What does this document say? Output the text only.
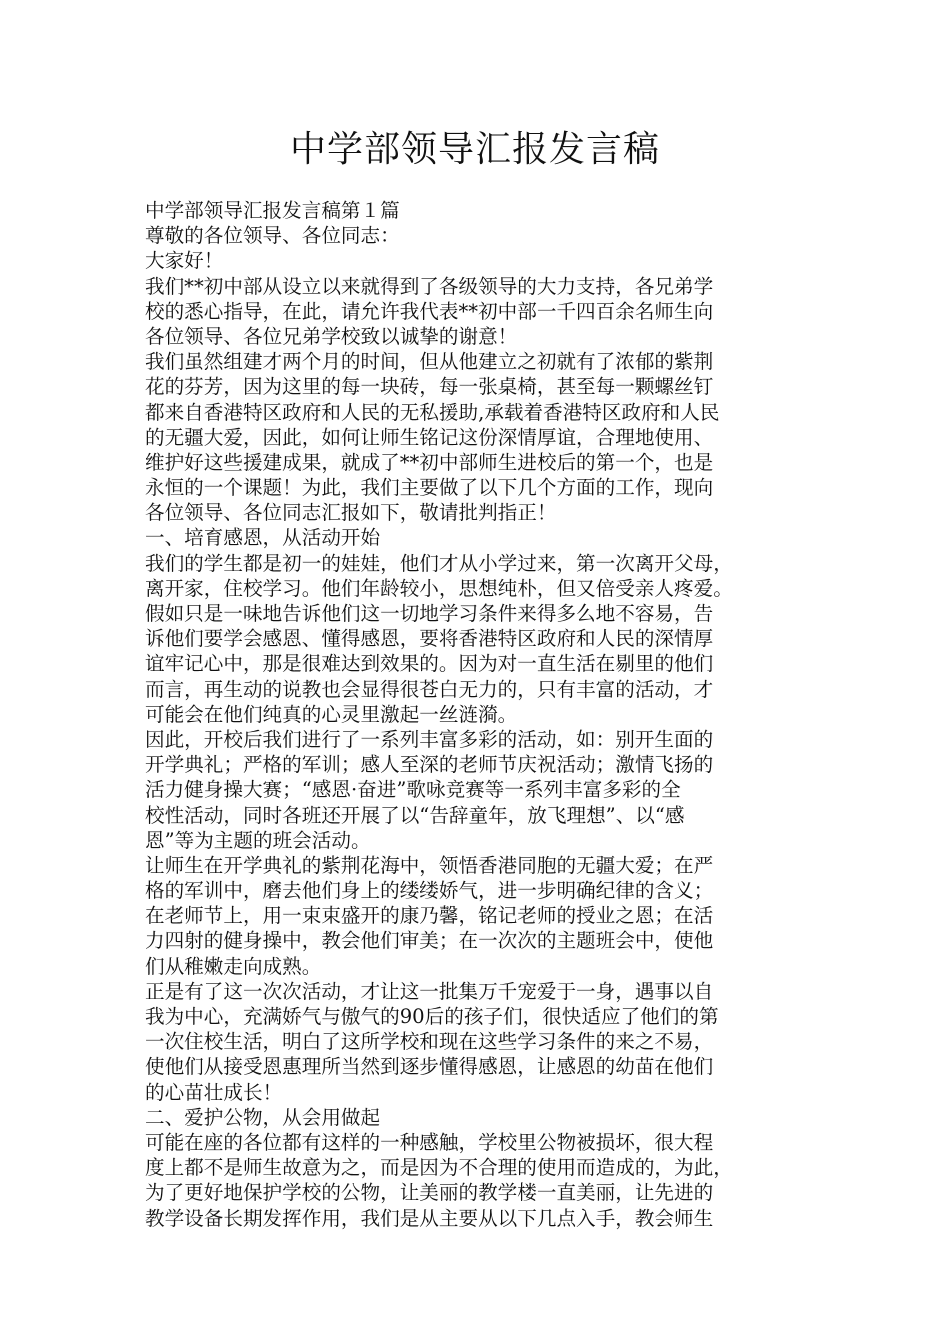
中学部领导汇报发言稿
中学部领导汇报发言稿第１篇
尊敬的各位领导、各位同志：
大家好！
我们**初中部从设立以来就得到了各级领导的大力支持，各兄弟学
校的悉心指导，在此，请允许我代表**初中部一千四百余名师生向
各位领导、各位兄弟学校致以诚挚的谢意！
我们虽然组建才两个月的时间，但从他建立之初就有了浓郁的紫荆
花的芬芳，因为这里的每一块砖，每一张桌椅，甚至每一颗螺丝钉
都来自香港特区政府和人民的无私援助,承载着香港特区政府和人民
的无疆大爱，因此，如何让师生铭记这份深情厚谊，合理地使用、
维护好这些援建成果，就成了**初中部师生进校后的第一个，也是
永恒的一个课题！为此，我们主要做了以下几个方面的工作，现向
各位领导、各位同志汇报如下，敬请批判指正！
一、培育感恩，从活动开始
我们的学生都是初一的娃娃，他们才从小学过来，第一次离开父母，
离开家，住校学习。他们年龄较小，思想纯朴，但又倍受亲人疼爱。
假如只是一味地告诉他们这一切地学习条件来得多么地不容易，告
诉他们要学会感恩、懂得感恩，要将香港特区政府和人民的深情厚
谊牢记心中，那是很难达到效果的。因为对一直生活在剔里的他们
而言，再生动的说教也会显得很苍白无力的，只有丰富的活动，才
可能会在他们纯真的心灵里激起一丝涟漪。
因此，开校后我们进行了一系列丰富多彩的活动，如：别开生面的
开学典礼；严格的军训；感人至深的老师节庆祝活动；激情飞扬的
活力健身操大赛；“感恩·奋进”歌咏竞赛等一系列丰富多彩的全
校性活动，同时各班还开展了以“告辞童年，放飞理想”、以“感
恩”等为主题的班会活动。
让师生在开学典礼的紫荆花海中，领悟香港同胞的无疆大爱；在严
格的军训中，磨去他们身上的缕缕娇气，进一步明确纪律的含义；
在老师节上，用一束束盛开的康乃馨，铭记老师的授业之恩；在活
力四射的健身操中，教会他们审美；在一次次的主题班会中，使他
们从稚嫩走向成熟。
正是有了这一次次活动，才让这一批集万千宠爱于一身，遇事以自
我为中心，充满娇气与傲气的90后的孩子们，很快适应了他们的第
一次住校生活，明白了这所学校和现在这些学习条件的来之不易，
使他们从接受恩惠理所当然到逐步懂得感恩，让感恩的幼苗在他们
的心苗壮成长！
二、爱护公物，从会用做起
可能在座的各位都有这样的一种感触，学校里公物被损坏，很大程
度上都不是师生故意为之，而是因为不合理的使用而造成的，为此，
为了更好地保护学校的公物，让美丽的教学楼一直美丽，让先进的
教学设备长期发挥作用，我们是从主要从以下几点入手，教会师生
